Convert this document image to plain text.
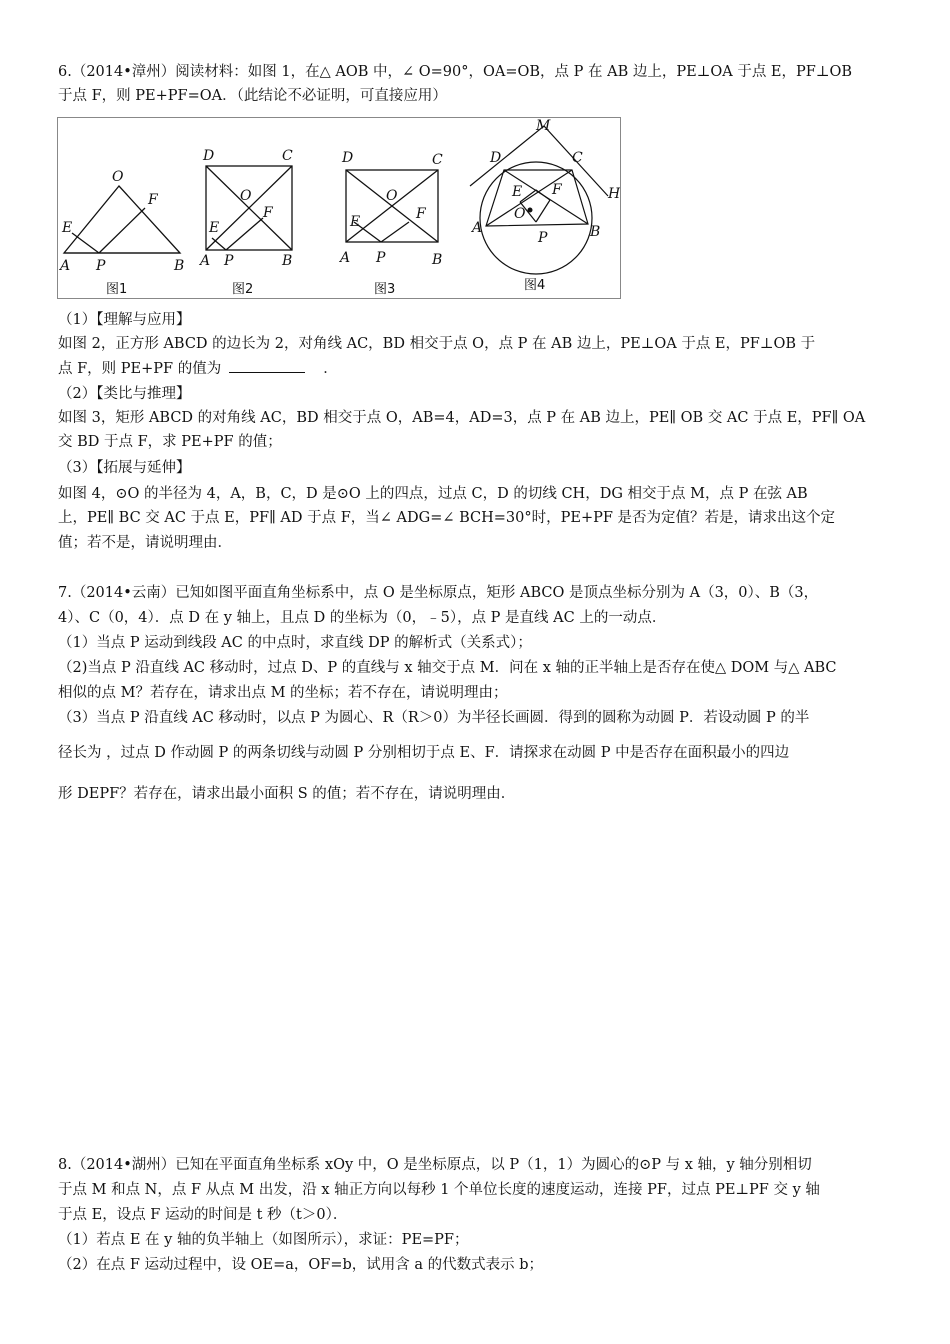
6.（2014•漳州）阅读材料：如图 1，在△ AOB 中，∠ O=90°，OA=OB，点 P 在 AB 边上，PE⊥OA 于点 E，PF⊥OB
于点 F，则 PE+PF=OA．（此结论不必证明，可直接应用）
O
F
E
A P	B
图1
D	C
O
F
E
A P	B
图2
D	C
O
F
E
A P	B
图3
M
D	C
E F
O
H
A
P	B
图4
（1）【理解与应用】
如图 2，正方形 ABCD 的边长为 2，对角线 AC，BD 相交于点 O，点 P 在 AB 边上，PE⊥OA 于点 E，PF⊥OB 于
点 F，则 PE+PF 的值为	．
（2）【类比与推理】
如图 3，矩形 ABCD 的对角线 AC，BD 相交于点 O，AB=4，AD=3，点 P 在 AB 边上，PE∥ OB 交 AC 于点 E，PF∥ OA
交 BD 于点 F，求 PE+PF 的值；
（3）【拓展与延伸】
如图 4，⊙O 的半径为 4，A，B，C，D 是⊙O 上的四点，过点 C，D 的切线 CH，DG 相交于点 M，点 P 在弦 AB
上，PE∥ BC 交 AC 于点 E，PF∥ AD 于点 F，当∠ ADG=∠ BCH=30°时，PE+PF 是否为定值？若是，请求出这个定
值；若不是，请说明理由．
7.（2014•云南）已知如图平面直角坐标系中，点 O 是坐标原点，矩形 ABCO 是顶点坐标分别为 A（3，0）、B（3，
4）、C（0，4）．点 D 在 y 轴上，且点 D 的坐标为（0，﹣5），点 P 是直线 AC 上的一动点．
（1）当点 P 运动到线段 AC 的中点时，求直线 DP 的解析式（关系式）；
（2)当点 P 沿直线 AC 移动时，过点 D、P 的直线与 x 轴交于点 M．问在 x 轴的正半轴上是否存在使△ DOM 与△ ABC
相似的点 M？若存在，请求出点 M 的坐标；若不存在，请说明理由；
（3）当点 P 沿直线 AC 移动时，以点 P 为圆心、R（R＞0）为半径长画圆．得到的圆称为动圆 P．若设动圆 P 的半
径长为 ，过点 D 作动圆 P 的两条切线与动圆 P 分别相切于点 E、F．请探求在动圆 P 中是否存在面积最小的四边
形 DEPF？若存在，请求出最小面积 S 的值；若不存在，请说明理由．
8.（2014•湖州）已知在平面直角坐标系 xOy 中，O 是坐标原点，以 P（1，1）为圆心的⊙P 与 x 轴，y 轴分别相切
于点 M 和点 N，点 F 从点 M 出发，沿 x 轴正方向以每秒 1 个单位长度的速度运动，连接 PF，过点 PE⊥PF 交 y 轴
于点 E，设点 F 运动的时间是 t 秒（t＞0）．
（1）若点 E 在 y 轴的负半轴上（如图所示），求证：PE=PF；
（2）在点 F 运动过程中，设 OE=a，OF=b，试用含 a 的代数式表示 b；
